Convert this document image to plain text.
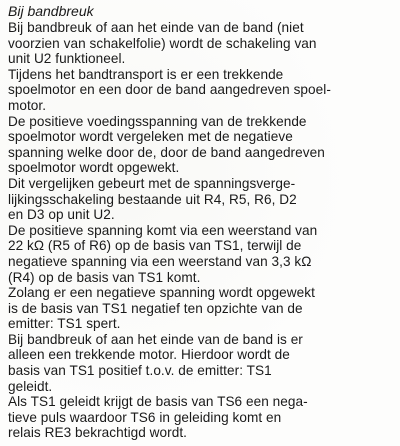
Bij bandbreuk

Bij bandbreuk of aan het einde van de band (niet
voorzien van schakelfolie) wordt de schakeling van
unit U2 funktioneel.

Tijdens het bandtransport is er een trekkende
spoelmotor en een door de band aangedreven spoel-
motor.

De positieve voedingsspanning van de trekkende
spoelmotor wordt vergeleken met de negatieve
spanning welke door de, door de band aangedreven
spoelmotor wordt opgewekt.

Dit vergelijken gebeurt met de spanningsverge-
lijkingsschakeling bestaande uit R4, R5, R6, D2
en D3 op unit U2.

De positieve spanning komt via een weerstand van
22 kΩ (R5 of R6) op de basis van TS1, terwijl de
negatieve spanning via een weerstand van 3,3 kΩ
(R4) op de basis van TS1 komt.

Zolang er een negatieve spanning wordt opgewekt
is de basis van TS1 negatief ten opzichte van de
emitter: TS1 spert.

Bij bandbreuk of aan het einde van de band is er
alleen een trekkende motor. Hierdoor wordt de
basis van TS1 positief t.o.v. de emitter: TS1
geleidt.

Als TS1 geleidt krijgt de basis van TS6 een nega-
tieve puls waardoor TS6 in geleiding komt en
relais RE3 bekrachtigd wordt.
